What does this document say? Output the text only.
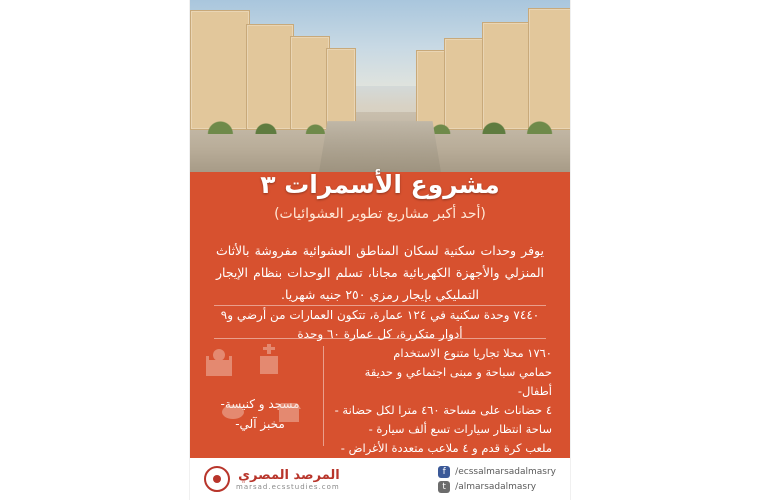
مشروع الأسمرات ٣
(أحد أكبر مشاريع تطوير العشوائيات)
يوفر وحدات سكنية لسكان المناطق العشوائية مفروشة بالأثاث المنزلي والأجهزة الكهربائية مجانا، تسلم الوحدات بنظام الإيجار التمليكي بإيجار رمزي ٢٥٠ جنيه شهريا.
٧٤٤٠ وحدة سكنية في ١٢٤ عمارة، تتكون العمارات من أرضي و٩ أدوار متكررة، كل عمارة ٦٠ وحدة
١٧٦٠ محلا تجاريا متنوع الاستخدام
حمامي سباحة و مبنى اجتماعي و حديقة أطفال-
٤ حضانات على مساحة ٤٦٠ مترا لكل حضانة -
ساحة انتظار سيارات تسع ألف سيارة -
ملعب كرة قدم و ٤ ملاعب متعددة الأغراض -
مسجد و كنيسة-
مخبز آلي-
f	/ecssalmarsadalmasry
t	/almarsadalmasry
المرصد المصري
marsad.ecsstudies.com
